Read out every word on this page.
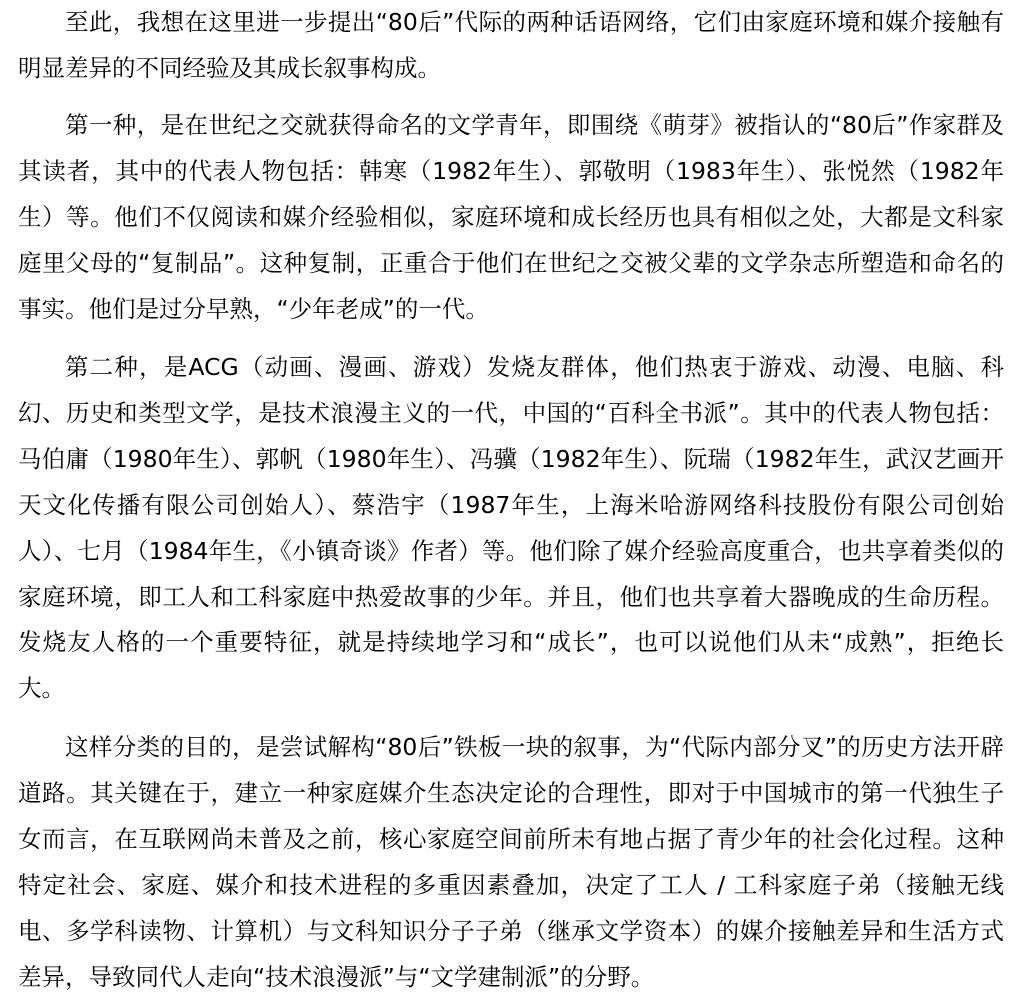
至此，我想在这里进一步提出“80后”代际的两种话语网络，它们由家庭环境和媒介接触有明显差异的不同经验及其成长叙事构成。

第一种，是在世纪之交就获得命名的文学青年，即围绕《萌芽》被指认的“80后”作家群及其读者，其中的代表人物包括：韩寒（1982年生）、郭敬明（1983年生）、张悦然（1982年生）等。他们不仅阅读和媒介经验相似，家庭环境和成长经历也具有相似之处，大都是文科家庭里父母的“复制品”。这种复制，正重合于他们在世纪之交被父辈的文学杂志所塑造和命名的事实。他们是过分早熟，“少年老成”的一代。

第二种，是ACG（动画、漫画、游戏）发烧友群体，他们热衷于游戏、动漫、电脑、科幻、历史和类型文学，是技术浪漫主义的一代，中国的“百科全书派”。其中的代表人物包括：马伯庸（1980年生）、郭帆（1980年生）、冯骥（1982年生）、阮瑞（1982年生，武汉艺画开天文化传播有限公司创始人）、蔡浩宇（1987年生，上海米哈游网络科技股份有限公司创始人）、七月（1984年生，《小镇奇谈》作者）等。他们除了媒介经验高度重合，也共享着类似的家庭环境，即工人和工科家庭中热爱故事的少年。并且，他们也共享着大器晚成的生命历程。发烧友人格的一个重要特征，就是持续地学习和“成长”，也可以说他们从未“成熟”，拒绝长大。

这样分类的目的，是尝试解构“80后”铁板一块的叙事，为“代际内部分叉”的历史方法开辟道路。其关键在于，建立一种家庭媒介生态决定论的合理性，即对于中国城市的第一代独生子女而言，在互联网尚未普及之前，核心家庭空间前所未有地占据了青少年的社会化过程。这种特定社会、家庭、媒介和技术进程的多重因素叠加，决定了工人 / 工科家庭子弟（接触无线电、多学科读物、计算机）与文科知识分子子弟（继承文学资本）的媒介接触差异和生活方式差异，导致同代人走向“技术浪漫派”与“文学建制派”的分野。
